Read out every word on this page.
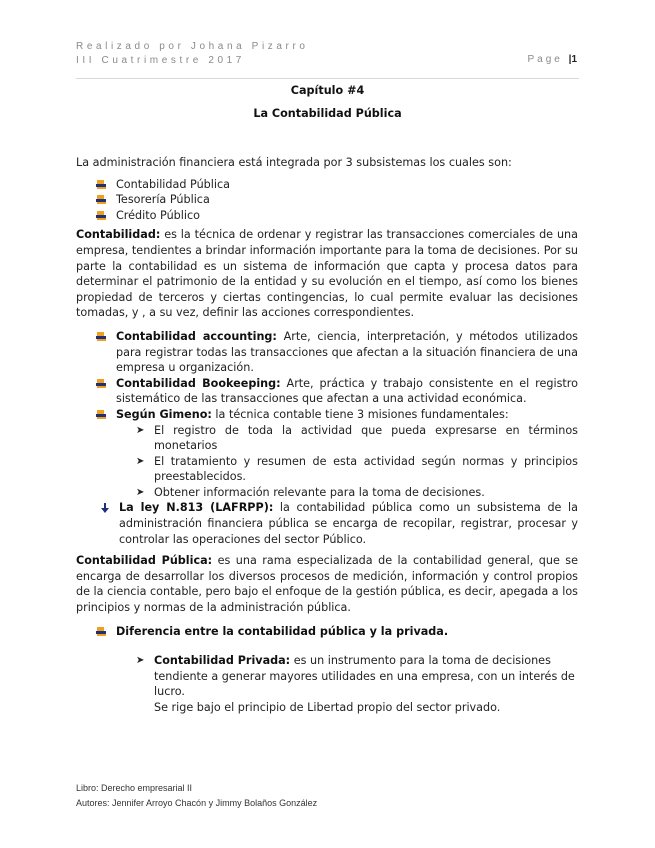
Realizado por Johana Pizarro
III Cuatrimestre 2017	Page |1
Capítulo #4
La Contabilidad Pública

La administración financiera está integrada por 3 subsistemas los cuales son:

Contabilidad Pública
Tesorería Pública
Crédito Público

Contabilidad: es la técnica de ordenar y registrar las transacciones comerciales de una empresa, tendientes a brindar información importante para la toma de decisiones. Por su parte la contabilidad es un sistema de información que capta y procesa datos para determinar el patrimonio de la entidad y su evolución en el tiempo, así como los bienes propiedad de terceros y ciertas contingencias, lo cual permite evaluar las decisiones tomadas, y , a su vez, definir las acciones correspondientes.

Contabilidad accounting: Arte, ciencia, interpretación, y métodos utilizados para registrar todas las transacciones que afectan a la situación financiera de una empresa u organización.
Contabilidad Bookeeping: Arte, práctica y trabajo consistente en el registro sistemático de las transacciones que afectan a una actividad económica.
Según Gimeno: la técnica contable tiene 3 misiones fundamentales:
➤ El registro de toda la actividad que pueda expresarse en términos monetarios
➤ El tratamiento y resumen de esta actividad según normas y principios preestablecidos.
➤ Obtener información relevante para la toma de decisiones.
La ley N.813 (LAFRPP): la contabilidad pública como un subsistema de la administración financiera pública se encarga de recopilar, registrar, procesar y controlar las operaciones del sector Público.

Contabilidad Pública: es una rama especializada de la contabilidad general, que se encarga de desarrollar los diversos procesos de medición, información y control propios de la ciencia contable, pero bajo el enfoque de la gestión pública, es decir, apegada a los principios y normas de la administración pública.

Diferencia entre la contabilidad pública y la privada.
➤ Contabilidad Privada: es un instrumento para la toma de decisiones tendiente a generar mayores utilidades en una empresa, con un interés de lucro.
Se rige bajo el principio de Libertad propio del sector privado.
Libro: Derecho empresarial II
Autores: Jennifer Arroyo Chacón y Jimmy Bolaños González
